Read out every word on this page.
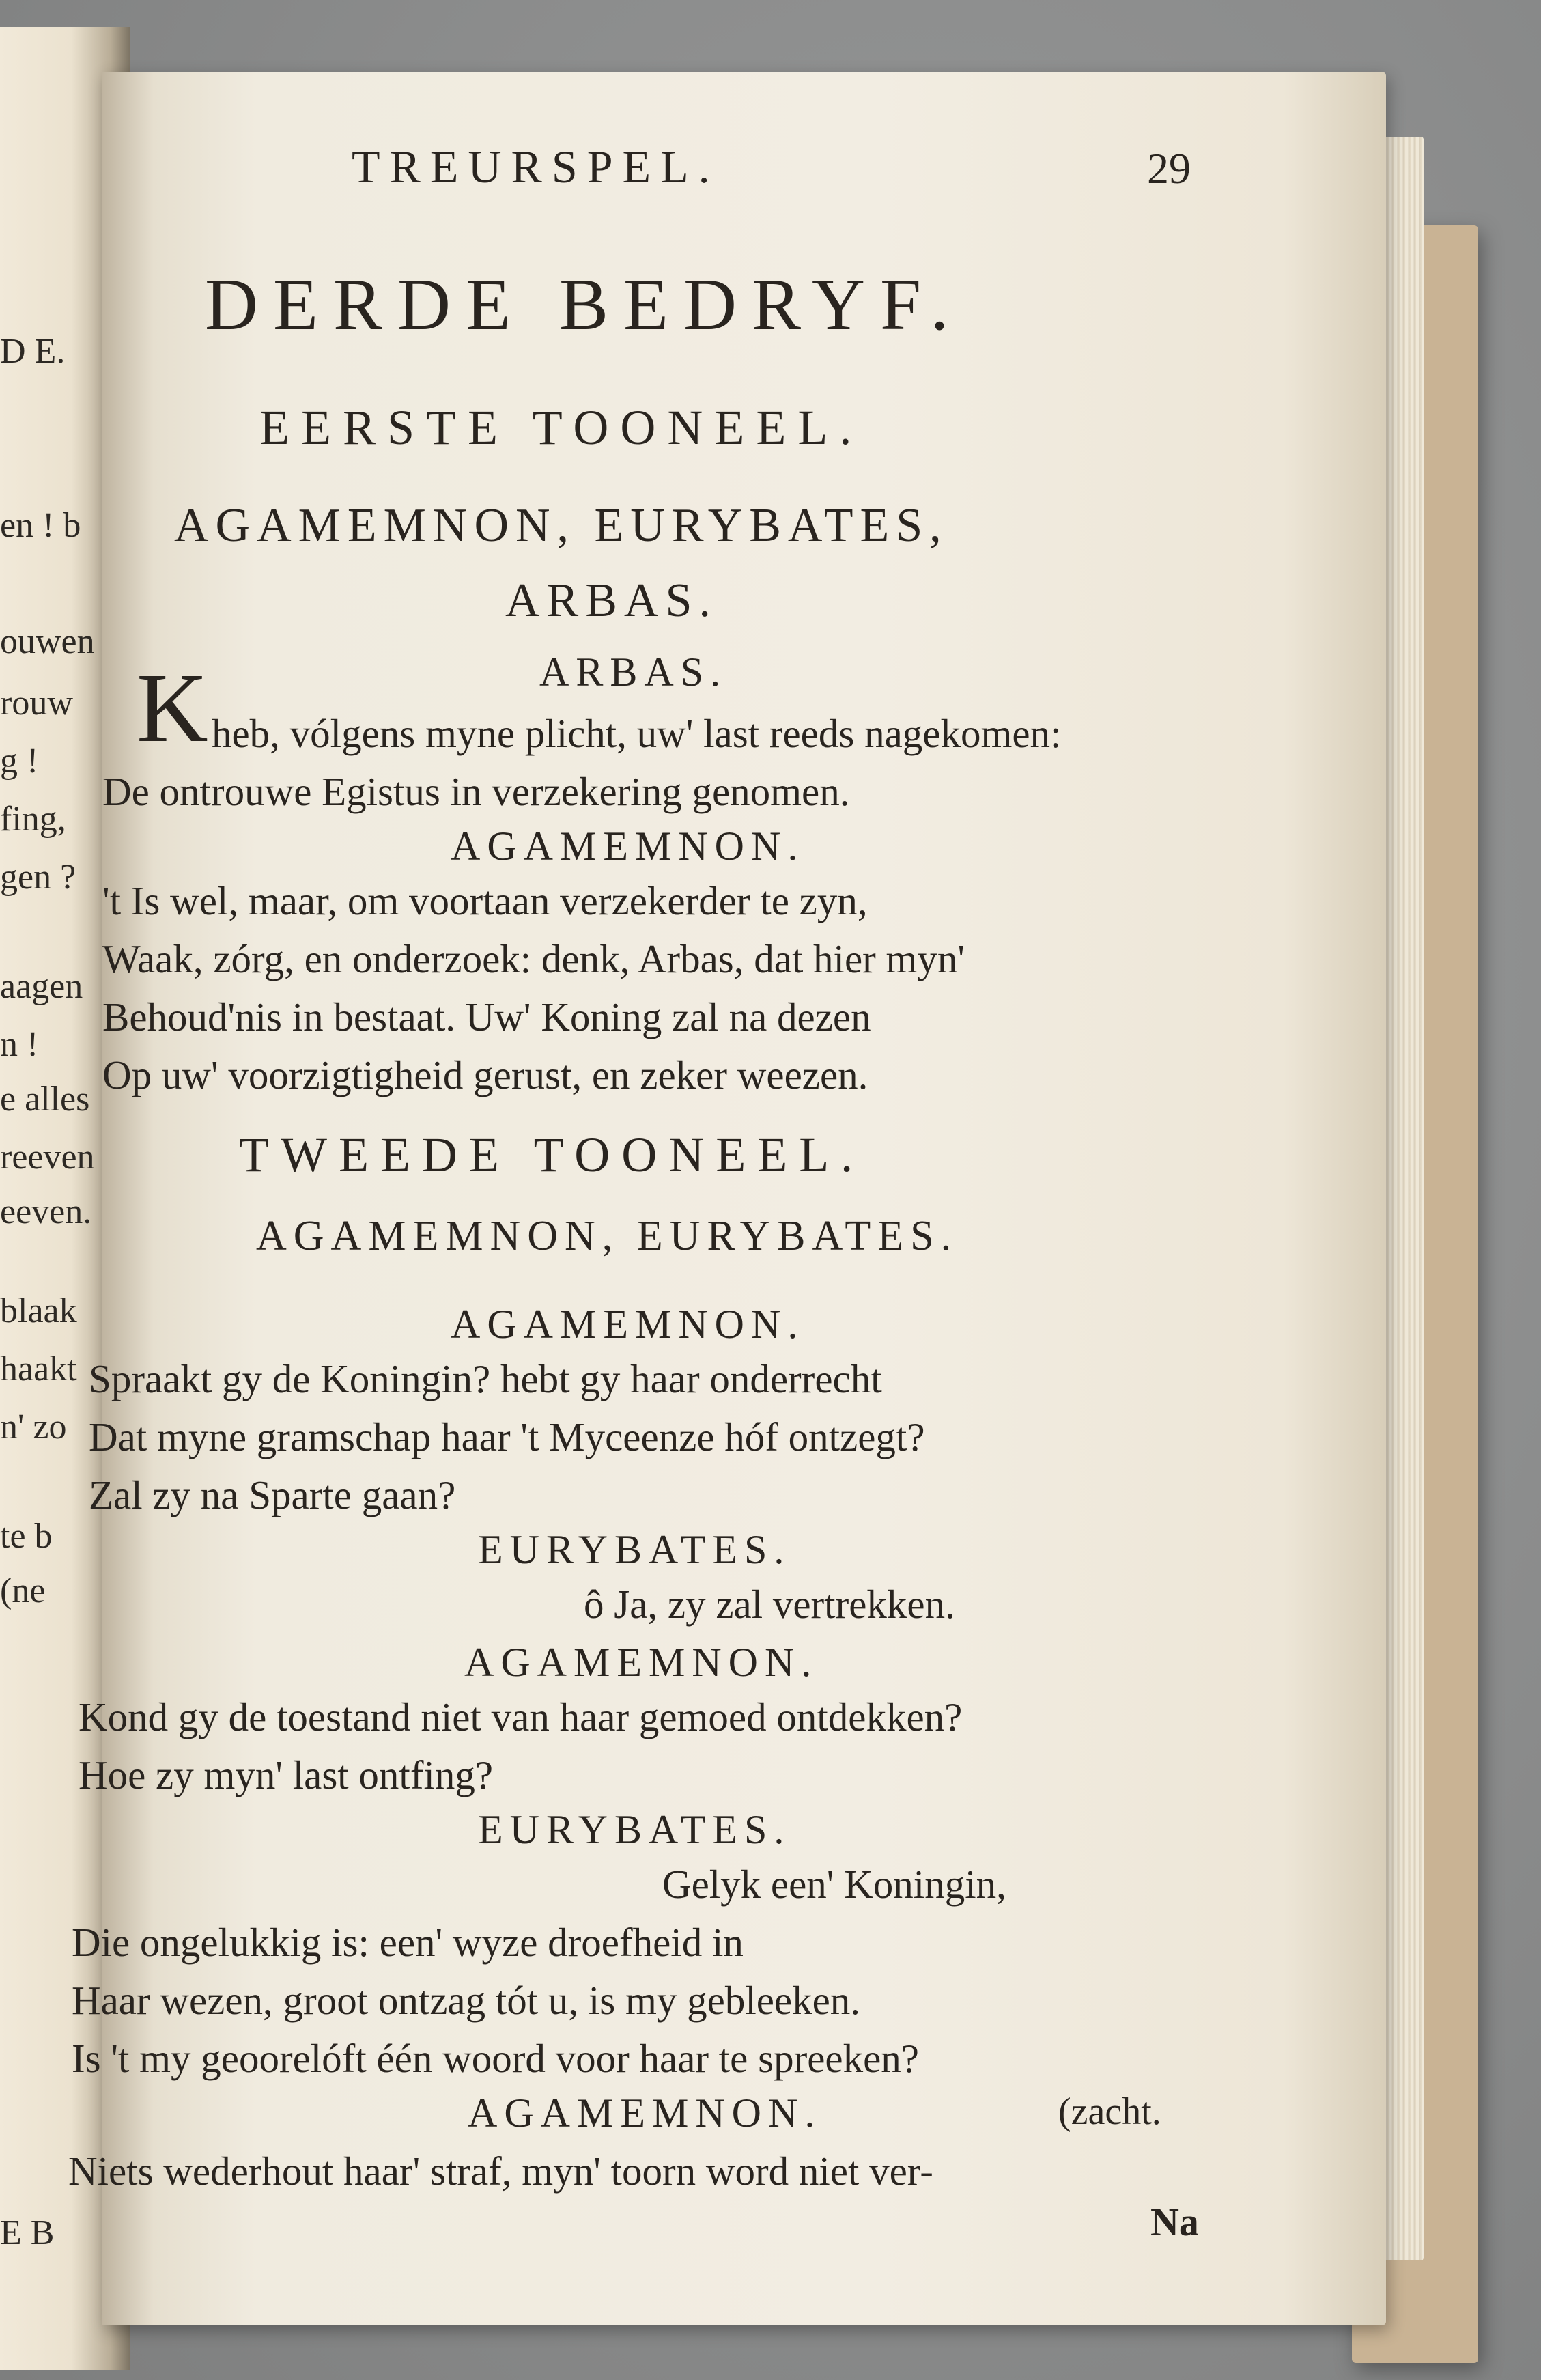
D E.
en ! b
ouwen
rouw
g !
fing,
gen ?
aagen
n !
e alles
reeven
eeven.
blaak
haakt
n' zo
te b
(ne
E B
TREURSPEL.	29
DERDE BEDRYF.
EERSTE TOONEEL.
AGAMEMNON, EURYBATES,
ARBAS.
ARBAS.
K heb, vólgens myne plicht, uw' last reeds nagekomen:
De ontrouwe Egistus in verzekering genomen.
AGAMEMNON.
't Is wel, maar, om voortaan verzekerder te zyn,
Waak, zórg, en onderzoek: denk, Arbas, dat hier myn'
Behoud'nis in bestaat. Uw' Koning zal na dezen
Op uw' voorzigtigheid gerust, en zeker weezen.
TWEEDE TOONEEL.
AGAMEMNON, EURYBATES.
AGAMEMNON.
Spraakt gy de Koningin? hebt gy haar onderrecht
Dat myne gramschap haar 't Myceenze hóf ontzegt?
Zal zy na Sparte gaan?
EURYBATES.
ô Ja, zy zal vertrekken.
AGAMEMNON.
Kond gy de toestand niet van haar gemoed ontdekken?
Hoe zy myn' last ontfing?
EURYBATES.
Gelyk een' Koningin,
Die ongelukkig is: een' wyze droefheid in
Haar wezen, groot ontzag tót u, is my gebleeken.
Is 't my geoorelóft één woord voor haar te spreeken?
AGAMEMNON.	(zacht.
Niets wederhout haar' straf, myn' toorn word niet ver-
Na
